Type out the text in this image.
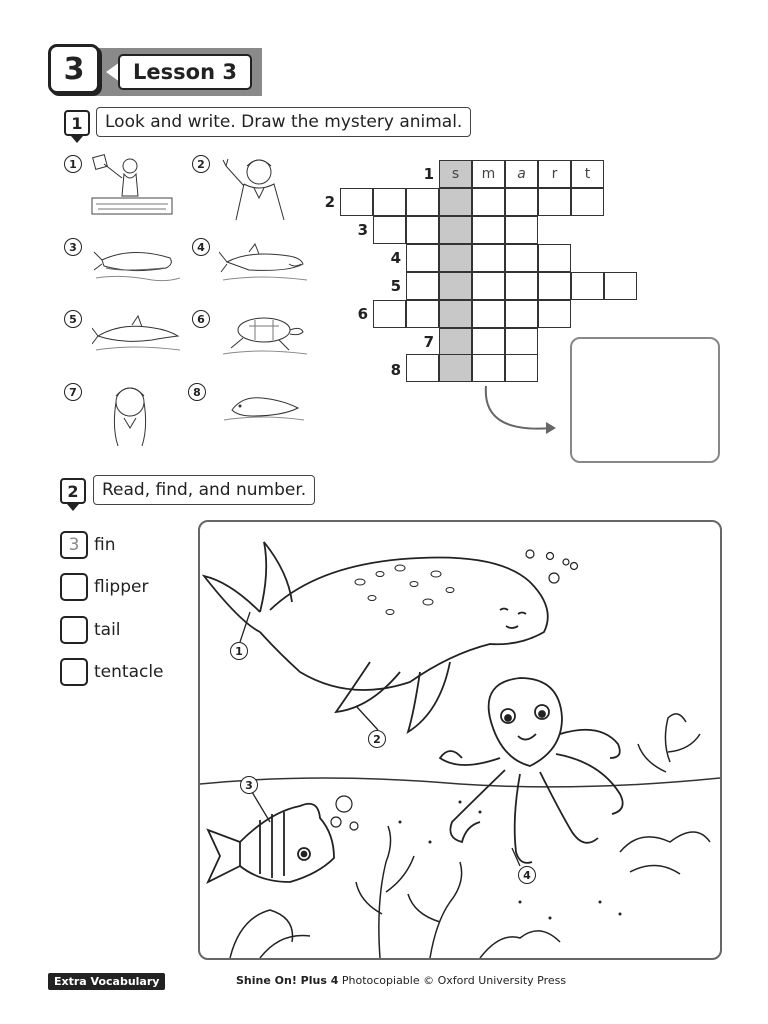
3	Lesson 3
1	Look and write. Draw the mystery animal.
1	2
3	4
5	6
7	8
1	s	m	a	r	t
2
3
4
5
6
7
8
2	Read, find, and number.
3 fin
flipper
tail
tentacle
1
2
3
4
Extra Vocabulary	Shine On! Plus 4 Photocopiable © Oxford University Press
